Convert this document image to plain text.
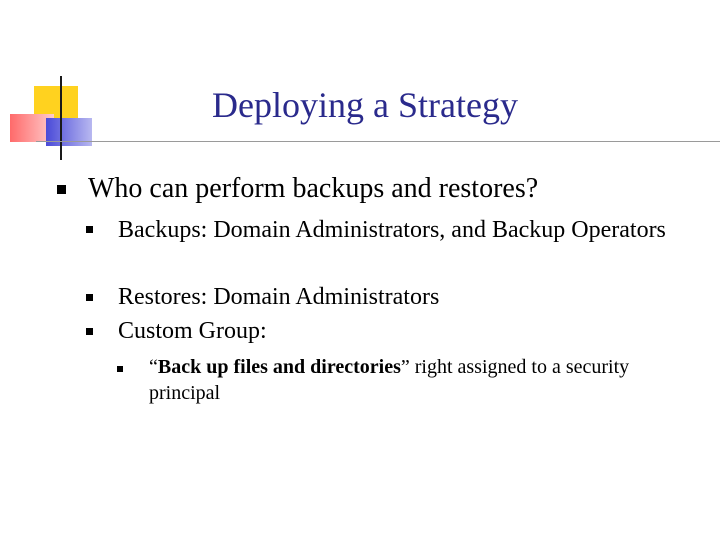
Deploying a Strategy
Who can perform backups and restores?
Backups: Domain Administrators, and Backup Operators
Restores: Domain Administrators
Custom Group:
“Back up files and directories” right assigned to a security principal
